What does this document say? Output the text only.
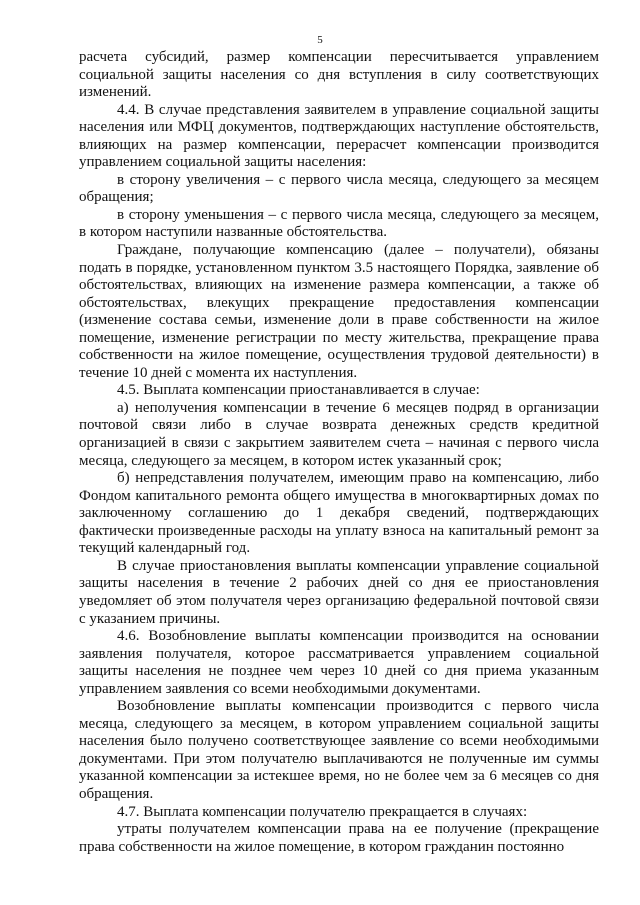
5

расчета субсидий, размер компенсации пересчитывается управлением социальной защиты населения со дня вступления в силу соответствующих изменений.

4.4. В случае представления заявителем в управление социальной защиты населения или МФЦ документов, подтверждающих наступление обстоятельств, влияющих на размер компенсации, перерасчет компенсации производится управлением социальной защиты населения:

в сторону увеличения – с первого числа месяца, следующего за месяцем обращения;

в сторону уменьшения – с первого числа месяца, следующего за месяцем, в котором наступили названные обстоятельства.

Граждане, получающие компенсацию (далее – получатели), обязаны подать в порядке, установленном пунктом 3.5 настоящего Порядка, заявление об обстоятельствах, влияющих на изменение размера компенсации, а также об обстоятельствах, влекущих прекращение предоставления компенсации (изменение состава семьи, изменение доли в праве собственности на жилое помещение, изменение регистрации по месту жительства, прекращение права собственности на жилое помещение, осуществления трудовой деятельности) в течение 10 дней с момента их наступления.

4.5. Выплата компенсации приостанавливается в случае:

а) неполучения компенсации в течение 6 месяцев подряд в организации почтовой связи либо в случае возврата денежных средств кредитной организацией в связи с закрытием заявителем счета – начиная с первого числа месяца, следующего за месяцем, в котором истек указанный срок;

б) непредставления получателем, имеющим право на компенсацию, либо Фондом капитального ремонта общего имущества в многоквартирных домах по заключенному соглашению до 1 декабря сведений, подтверждающих фактически произведенные расходы на уплату взноса на капитальный ремонт за текущий календарный год.

В случае приостановления выплаты компенсации управление социальной защиты населения в течение 2 рабочих дней со дня ее приостановления уведомляет об этом получателя через организацию федеральной почтовой связи с указанием причины.

4.6. Возобновление выплаты компенсации производится на основании заявления получателя, которое рассматривается управлением социальной защиты населения не позднее чем через 10 дней со дня приема указанным управлением заявления со всеми необходимыми документами.

Возобновление выплаты компенсации производится с первого числа месяца, следующего за месяцем, в котором управлением социальной защиты населения было получено соответствующее заявление со всеми необходимыми документами. При этом получателю выплачиваются не полученные им суммы указанной компенсации за истекшее время, но не более чем за 6 месяцев со дня обращения.

4.7. Выплата компенсации получателю прекращается в случаях:

утраты получателем компенсации права на ее получение (прекращение права собственности на жилое помещение, в котором гражданин постоянно
